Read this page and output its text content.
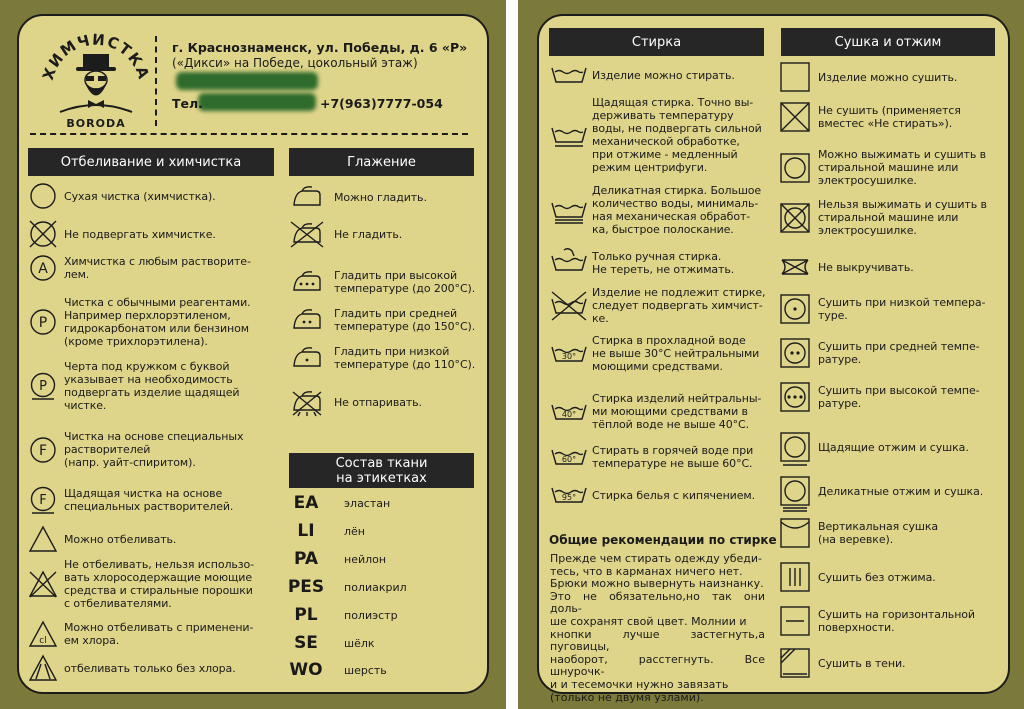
ХИМЧИСТКА
BORODA
г. Краснознаменск, ул. Победы, д. 6 «Р»
(«Дикси» на Победе, цокольный этаж)
Тел.	+7(963)7777-054
Отбеливание и химчистка	Глажение
Состав ткани
на этикетках
Стирка	Сушка и отжим
Сухая чистка (химчистка).
Не подвергать химчистке.
A Химчистка с любым растворите-
лем.
P
Чистка с обычными реагентами.
Например перхлорэтиленом,
гидрокарбонатом или бензином
(кроме трихлорэтилена).
P
Черта под кружком с буквой
указывает на необходимость
подвергать изделие щадящей
чистке.
F
Чистка на основе специальных
растворителей
(напр. уайт-спиритом).
F Щадящая чистка на основе
специальных растворителей.
Можно отбеливать.
Не отбеливать, нельзя использо-
вать хлоросодержащие моющие
средства и стиральные порошки
с отбеливателями.
cl
Можно отбеливать с применени-
ем хлора.
отбеливать только без хлора.
Можно гладить.
Не гладить.
Гладить при высокой
температуре (до 200°C).
Гладить при средней
температуре (до 150°C).
Гладить при низкой
температуре (до 110°C).
Не отпаривать.
EA	эластан
LI	лён
PA	нейлон
PES	полиакрил
PL	полиэстр
SE	шёлк
WO	шерсть
Изделие можно стирать.
Щадящая стирка. Точно вы-
держивать температуру
воды, не подвергать сильной
механической обработке,
при отжиме - медленный
режим центрифуги.
Деликатная стирка. Большое
количество воды, минималь-
ная механическая обработ-
ка, быстрое полоскание.
Только ручная стирка.
Не тереть, не отжимать.
Изделие не подлежит стирке,
следует подвергать химчист-
ке.
30°
Стирка в прохладной воде
не выше 30°C нейтральными
моющими средствами.
40°
Стирка изделий нейтральны-
ми моющими средствами в
тёплой воде не выше 40°C.
60°
Стирать в горячей воде при
температуре не выше 60°C.
95° Стирка белья с кипячением.
Изделие можно сушить.
Не сушить (применяется
вместес «Не стирать»).
Можно выжимать и сушить в
стиральной машине или
электросушилке.
Нельзя выжимать и сушить в
стиральной машине или
электросушилке.
Не выкручивать.
Сушить при низкой темпера-
туре.
Сушить при средней темпе-
ратуре.
Сушить при высокой темпе-
ратуре.
Щадящие отжим и сушка.
Деликатные отжим и сушка.
Вертикальная сушка
(на веревке).
Сушить без отжима.
Сушить на горизонтальной
поверхности.
Сушить в тени.
Общие рекомендации по стирке
Прежде чем стирать одежду убеди-
тесь, что в карманах ничего нет.
Брюки можно вывернуть наизнанку.
Это не обязательно,но так они доль-
ше сохранят свой цвет. Молнии и
кнопки лучше застегнуть,а пуговицы,
наоборот, расстегнуть. Все шнурочк-
и и тесемочки нужно завязать
(только не двумя узлами).
